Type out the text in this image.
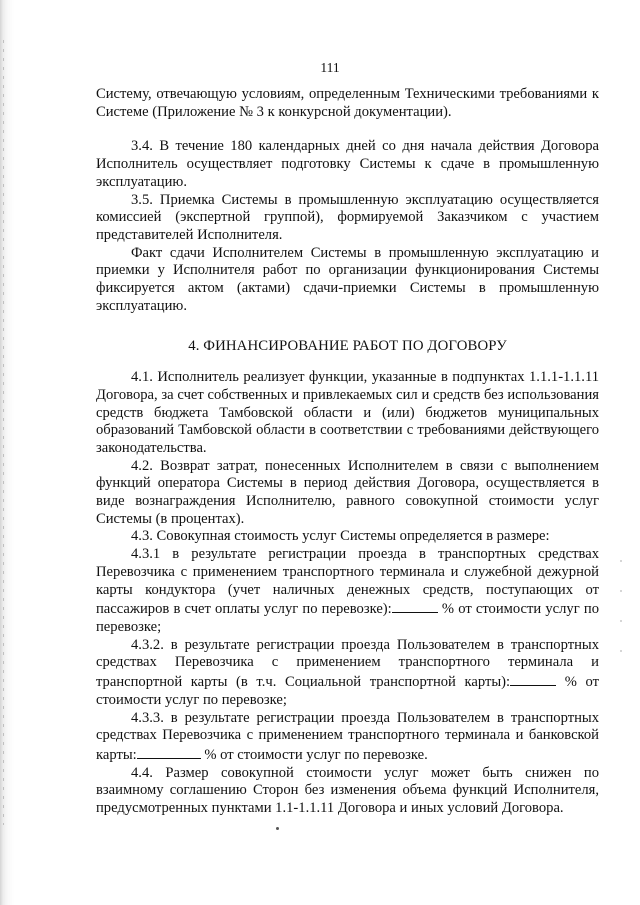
111

Систему, отвечающую условиям, определенным Техническими требованиями к Системе (Приложение № 3 к конкурсной документации).

3.4. В течение 180 календарных дней со дня начала действия Договора Исполнитель осуществляет подготовку Системы к сдаче в промышленную эксплуатацию.

3.5. Приемка Системы в промышленную эксплуатацию осуществляется комиссией (экспертной группой), формируемой Заказчиком с участием представителей Исполнителя.

Факт сдачи Исполнителем Системы в промышленную эксплуатацию и приемки у Исполнителя работ по организации функционирования Системы фиксируется актом (актами) сдачи-приемки Системы в промышленную эксплуатацию.

4. ФИНАНСИРОВАНИЕ РАБОТ ПО ДОГОВОРУ

4.1. Исполнитель реализует функции, указанные в подпунктах 1.1.1-1.1.11 Договора, за счет собственных и привлекаемых сил и средств без использования средств бюджета Тамбовской области и (или) бюджетов муниципальных образований Тамбовской области в соответствии с требованиями действующего законодательства.

4.2. Возврат затрат, понесенных Исполнителем в связи с выполнением функций оператора Системы в период действия Договора, осуществляется в виде вознаграждения Исполнителю, равного совокупной стоимости услуг Системы (в процентах).

4.3. Совокупная стоимость услуг Системы определяется в размере:

4.3.1 в результате регистрации проезда в транспортных средствах Перевозчика с применением транспортного терминала и служебной дежурной карты кондуктора (учет наличных денежных средств, поступающих от пассажиров в счет оплаты услуг по перевозке):	% от стоимости услуг по перевозке;

4.3.2. в результате регистрации проезда Пользователем в транспортных средствах Перевозчика с применением транспортного терминала и транспортной карты (в т.ч. Социальной транспортной карты):	% от стоимости услуг по перевозке;

4.3.3. в результате регистрации проезда Пользователем в транспортных средствах Перевозчика с применением транспортного терминала и банковской карты:	% от стоимости услуг по перевозке.

4.4. Размер совокупной стоимости услуг может быть снижен по взаимному соглашению Сторон без изменения объема функций Исполнителя, предусмотренных пунктами 1.1-1.1.11 Договора и иных условий Договора.
